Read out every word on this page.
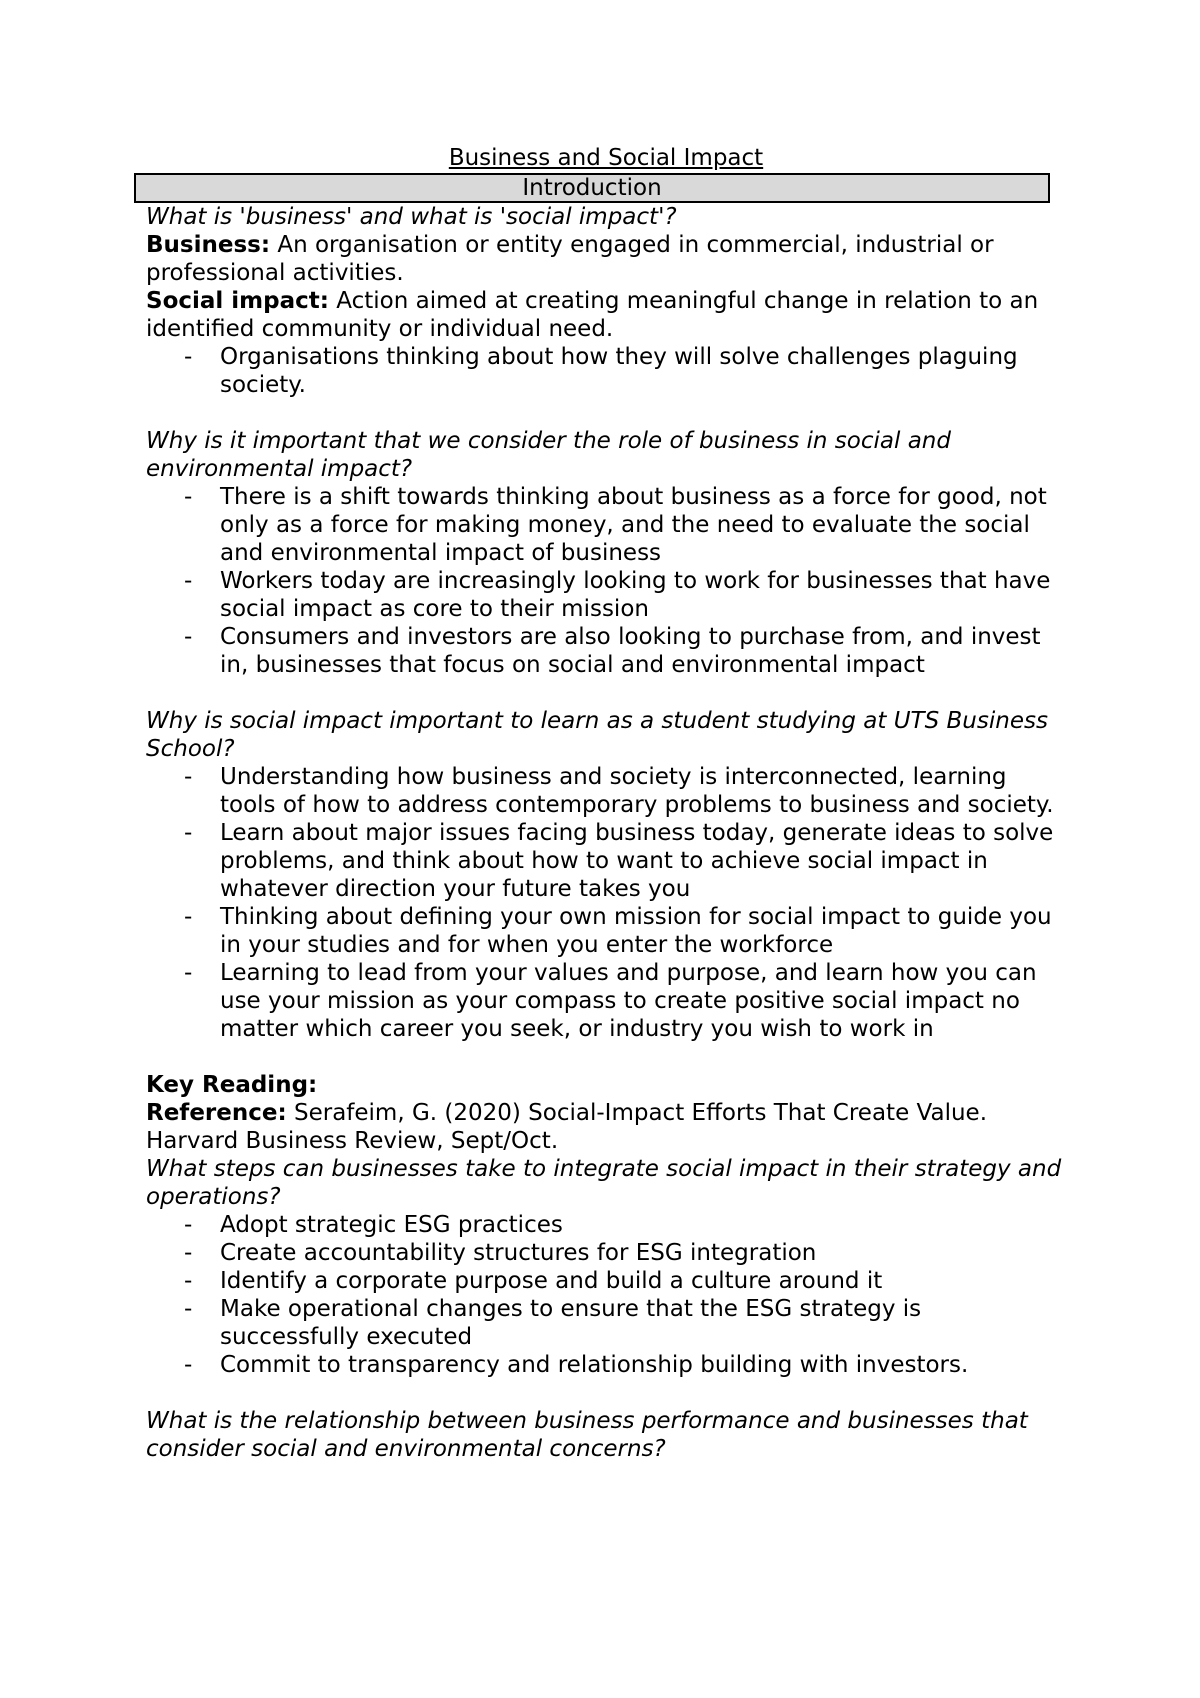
Business and Social Impact
Introduction

What is 'business' and what is 'social impact'?

Business: An organisation or entity engaged in commercial, industrial or professional activities.

Social impact: Action aimed at creating meaningful change in relation to an identified community or individual need.

- Organisations thinking about how they will solve challenges plaguing society.

Why is it important that we consider the role of business in social and environmental impact?

- There is a shift towards thinking about business as a force for good, not only as a force for making money, and the need to evaluate the social and environmental impact of business
- Workers today are increasingly looking to work for businesses that have social impact as core to their mission
- Consumers and investors are also looking to purchase from, and invest in, businesses that focus on social and environmental impact

Why is social impact important to learn as a student studying at UTS Business School?

- Understanding how business and society is interconnected, learning tools of how to address contemporary problems to business and society.
- Learn about major issues facing business today, generate ideas to solve problems, and think about how to want to achieve social impact in whatever direction your future takes you
- Thinking about defining your own mission for social impact to guide you in your studies and for when you enter the workforce
- Learning to lead from your values and purpose, and learn how you can use your mission as your compass to create positive social impact no matter which career you seek, or industry you wish to work in

Key Reading:

Reference: Serafeim, G. (2020) Social-Impact Efforts That Create Value. Harvard Business Review, Sept/Oct.

What steps can businesses take to integrate social impact in their strategy and operations?

- Adopt strategic ESG practices
- Create accountability structures for ESG integration
- Identify a corporate purpose and build a culture around it
- Make operational changes to ensure that the ESG strategy is successfully executed
- Commit to transparency and relationship building with investors.

What is the relationship between business performance and businesses that consider social and environmental concerns?
